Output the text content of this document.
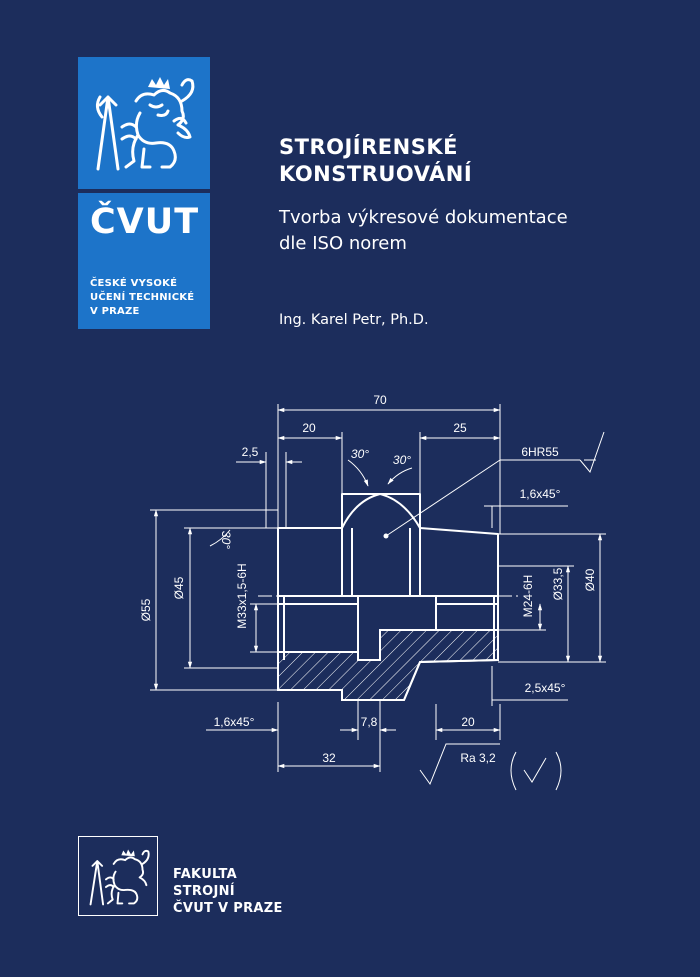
ČVUT
ČESKÉ VYSOKÉ
UČENÍ TECHNICKÉ
V PRAZE
STROJÍRENSKÉ
KONSTRUOVÁNÍ
Tvorba výkresové dokumentace
dle ISO norem
Ing. Karel Petr, Ph.D.
70
20	25
2,5	30° 30°
6HR55
1,6x45°
2,5x45°
1,6x45°	7,8	20
32	Ra 3,2
30°
Ø55
Ø45	M33x1,5-6H	M24-6H Ø33,5 Ø40
FAKULTA
STROJNÍ
ČVUT V PRAZE
